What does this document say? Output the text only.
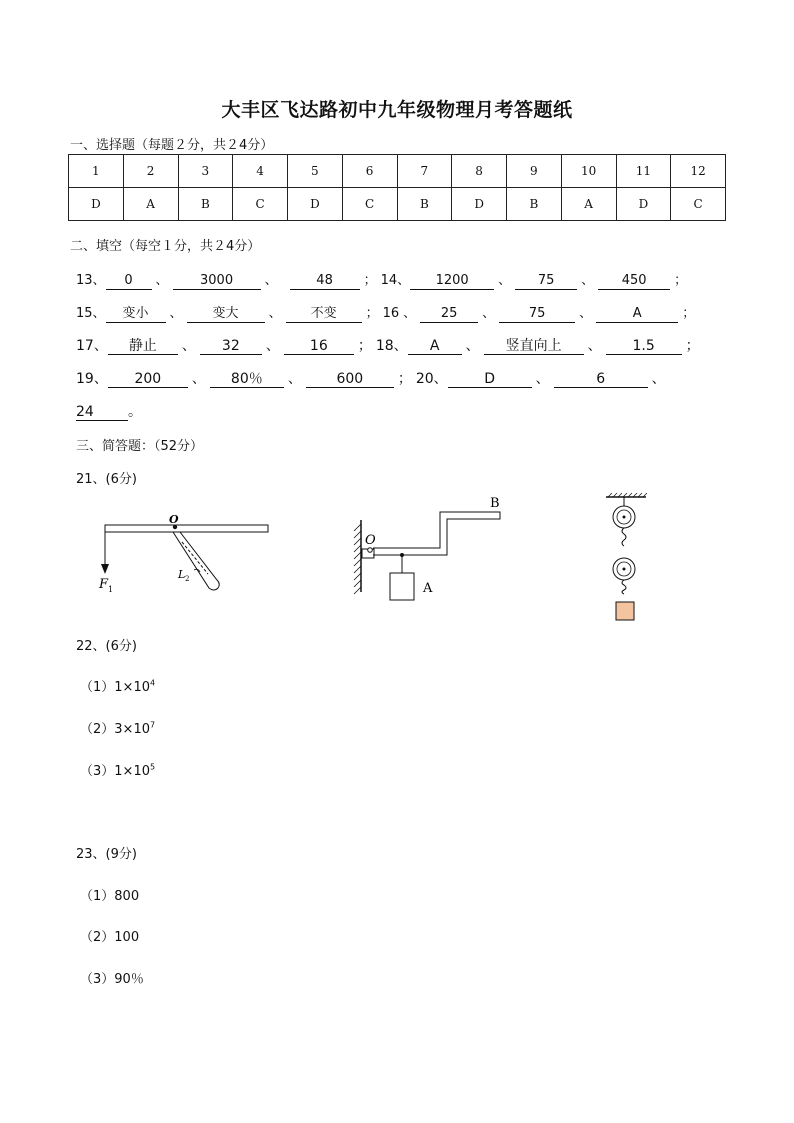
大丰区飞达路初中九年级物理月考答题纸
一、选择题（每题２分，共２4分）
1	2	3	4	5	6	7	8	9	10	11	12
D	A	B	C	D	C	B	D	B	A	D	C
二、填空（每空１分，共２4分）
13、 0 、 3000 、	48 ； 14、 1200 、 75 、 450 ；
15、 变小 、 变大 、 不变 ； 16 、 25 、	75	、	A	；
17、 静止 、 32 、 16 ； 18、 A 、 竖直向上 、 1.5 ；
19、 200 、 80％ 、 600 ； 20、	D	、	6	、
24 。
三、简答题：（52分）
21、(6分)
O
F 1
L 2
O
B
A
22、(6分)
$(1)1\times 10^4$
$(2)3\times 10^7$
$(3)1\times 10^5$
23、(9分)
（1）800
（2）100
（3）90％
